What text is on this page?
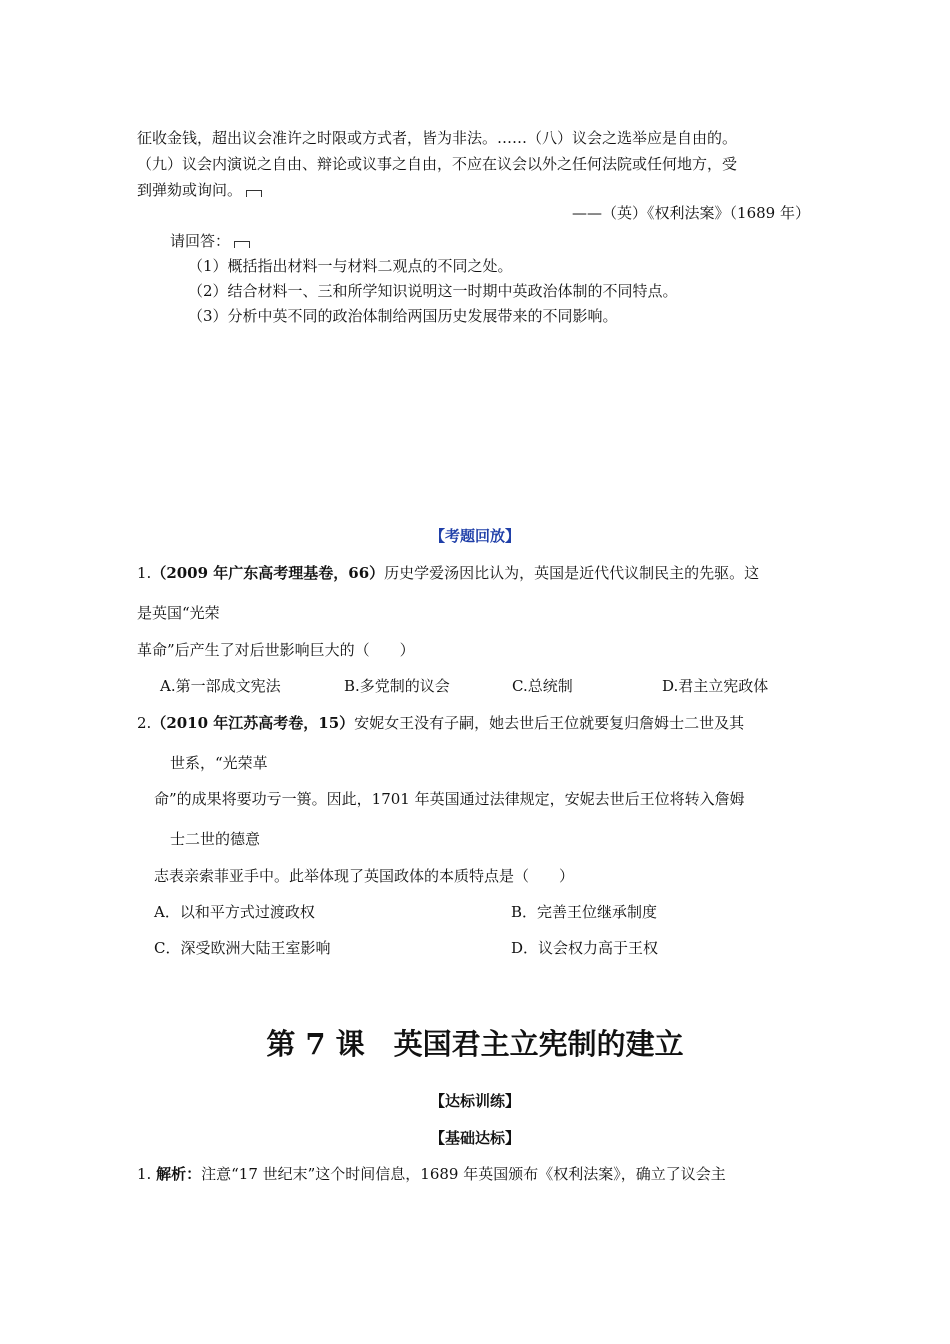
征收金钱，超出议会准许之时限或方式者，皆为非法。……（八）议会之选举应是自由的。
（九）议会内演说之自由、辩论或议事之自由，不应在议会以外之任何法院或任何地方，受
到弹劾或询问。
——（英）《权利法案》（1689 年）
请回答：
（1）概括指出材料一与材料二观点的不同之处。
（2）结合材料一、三和所学知识说明这一时期中英政治体制的不同特点。
（3）分析中英不同的政治体制给两国历史发展带来的不同影响。
【考题回放】
1.（2009 年广东高考理基卷，66）历史学爱汤因比认为，英国是近代代议制民主的先驱。这
是英国“光荣
革命”后产生了对后世影响巨大的（　　）
A.第一部成文宪法	B.多党制的议会	C.总统制	D.君主立宪政体
2.（2010 年江苏高考卷，15）安妮女王没有子嗣，她去世后王位就要复归詹姆士二世及其
世系，“光荣革
命”的成果将要功亏一篑。因此，1701 年英国通过法律规定，安妮去世后王位将转入詹姆
士二世的德意
志表亲索菲亚手中。此举体现了英国政体的本质特点是（　　）
A．以和平方式过渡政权	B．完善王位继承制度
C．深受欧洲大陆王室影响	D．议会权力高于王权
第 7 课　英国君主立宪制的建立
【达标训练】
【基础达标】
1. 解析：注意“17 世纪末”这个时间信息，1689 年英国颁布《权利法案》，确立了议会主
